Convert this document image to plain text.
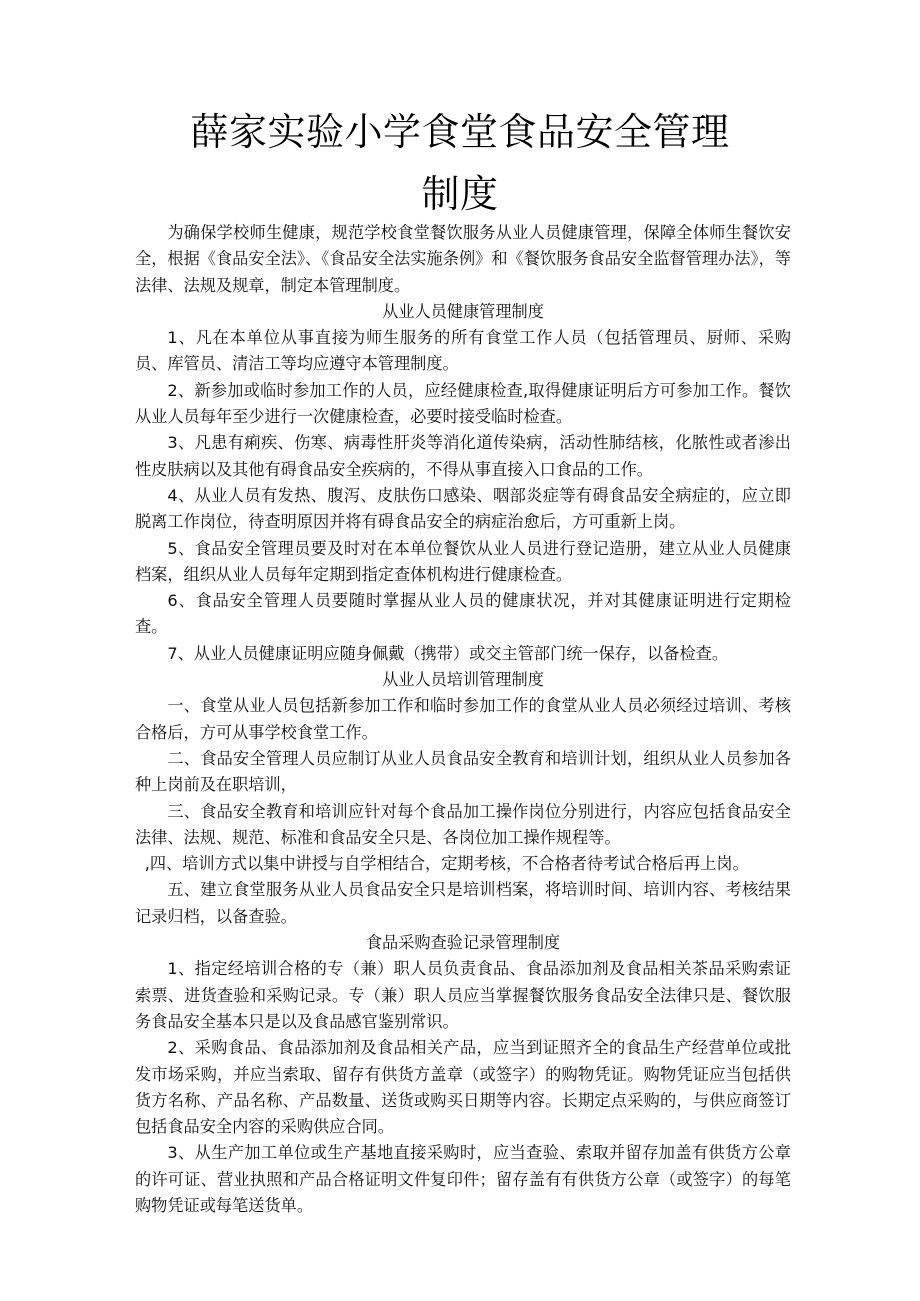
薛家实验小学食堂食品安全管理
制度

为确保学校师生健康，规范学校食堂餐饮服务从业人员健康管理，保障全体师生餐饮安全，根据《食品安全法》、《食品安全法实施条例》和《餐饮服务食品安全监督管理办法》，等法律、法规及规章，制定本管理制度。

从业人员健康管理制度

1、凡在本单位从事直接为师生服务的所有食堂工作人员（包括管理员、厨师、采购员、库管员、清洁工等均应遵守本管理制度。

2、新参加或临时参加工作的人员，应经健康检查,取得健康证明后方可参加工作。餐饮从业人员每年至少进行一次健康检查，必要时接受临时检查。

3、凡患有痢疾、伤寒、病毒性肝炎等消化道传染病，活动性肺结核，化脓性或者渗出性皮肤病以及其他有碍食品安全疾病的，不得从事直接入口食品的工作。

4、从业人员有发热、腹泻、皮肤伤口感染、咽部炎症等有碍食品安全病症的，应立即脱离工作岗位，待查明原因并将有碍食品安全的病症治愈后，方可重新上岗。

5、食品安全管理员要及时对在本单位餐饮从业人员进行登记造册，建立从业人员健康档案，组织从业人员每年定期到指定查体机构进行健康检查。

6、食品安全管理人员要随时掌握从业人员的健康状况，并对其健康证明进行定期检查。

7、从业人员健康证明应随身佩戴（携带）或交主管部门统一保存，以备检查。

从业人员培训管理制度

一、食堂从业人员包括新参加工作和临时参加工作的食堂从业人员必须经过培训、考核合格后，方可从事学校食堂工作。

二、食品安全管理人员应制订从业人员食品安全教育和培训计划，组织从业人员参加各种上岗前及在职培训，

三、食品安全教育和培训应针对每个食品加工操作岗位分别进行，内容应包括食品安全法律、法规、规范、标准和食品安全只是、各岗位加工操作规程等。

,四、培训方式以集中讲授与自学相结合，定期考核，不合格者待考试合格后再上岗。

五、建立食堂服务从业人员食品安全只是培训档案，将培训时间、培训内容、考核结果记录归档，以备查验。

食品采购查验记录管理制度

1、指定经培训合格的专（兼）职人员负责食品、食品添加剂及食品相关茶品采购索证索票、进货查验和采购记录。专（兼）职人员应当掌握餐饮服务食品安全法律只是、餐饮服务食品安全基本只是以及食品感官鉴别常识。

2、采购食品、食品添加剂及食品相关产品，应当到证照齐全的食品生产经营单位或批发市场采购，并应当索取、留存有供货方盖章（或签字）的购物凭证。购物凭证应当包括供货方名称、产品名称、产品数量、送货或购买日期等内容。长期定点采购的，与供应商签订包括食品安全内容的采购供应合同。

3、从生产加工单位或生产基地直接采购时，应当查验、索取并留存加盖有供货方公章的许可证、营业执照和产品合格证明文件复印件；留存盖有有供货方公章（或签字）的每笔购物凭证或每笔送货单。
